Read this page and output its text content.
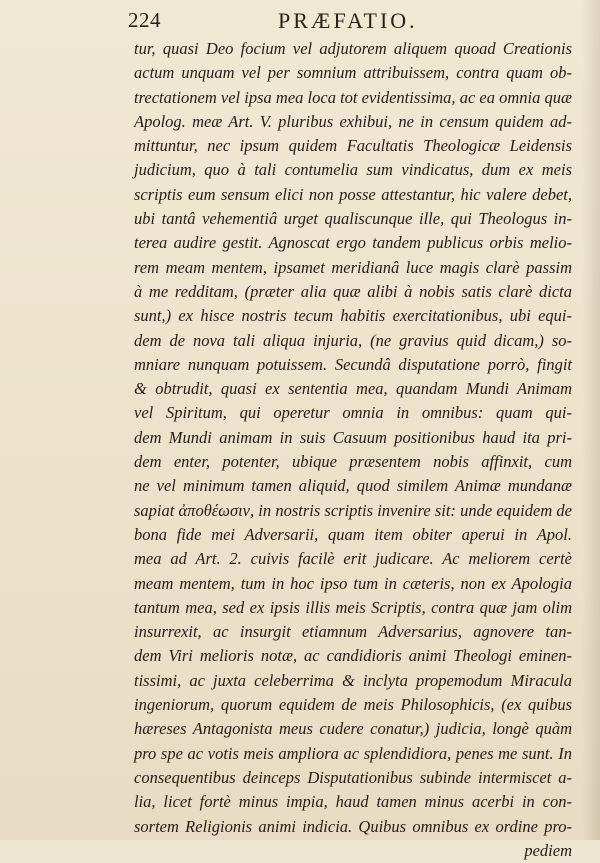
224	PRÆFATIO.
tur, quasi Deo focium vel adjutorem aliquem quoad Creationis
actum unquam vel per somnium attribuissem, contra quam ob-
trectationem vel ipsa mea loca tot evidentissima, ac ea omnia quæ
Apolog. meæ Art. V. pluribus exhibui, ne in censum quidem ad-
mittuntur, nec ipsum quidem Facultatis Theologicæ Leidensis
judicium, quo à tali contumelia sum vindicatus, dum ex meis
scriptis eum sensum elici non posse attestantur, hic valere debet,
ubi tantâ vehementiâ urget qualiscunque ille, qui Theologus in-
terea audire gestit. Agnoscat ergo tandem publicus orbis melio-
rem meam mentem, ipsamet meridianâ luce magis clarè passim
à me redditam, (præter alia quæ alibi à nobis satis clarè dicta
sunt,) ex hisce nostris tecum habitis exercitationibus, ubi equi-
dem de nova tali aliqua injuria, (ne gravius quid dicam,) so-
mniare nunquam potuissem. Secundâ disputatione porrò, fingit
& obtrudit, quasi ex sententia mea, quandam Mundi Animam
vel Spiritum, qui operetur omnia in omnibus: quam qui-
dem Mundi animam in suis Casuum positionibus haud ita pri-
dem enter, potenter, ubique præsentem nobis affinxit, cum
ne vel minimum tamen aliquid, quod similem Animæ mundanæ
sapiat ἀποθέωσιν, in nostris scriptis invenire sit: unde equidem de
bona fide mei Adversarii, quam item obiter aperui in Apol.
mea ad Art. 2. cuivis facilè erit judicare. Ac meliorem certè
meam mentem, tum in hoc ipso tum in cæteris, non ex Apologia
tantum mea, sed ex ipsis illis meis Scriptis, contra quæ jam olim
insurrexit, ac insurgit etiamnum Adversarius, agnovere tan-
dem Viri melioris notæ, ac candidioris animi Theologi eminen-
tissimi, ac juxta celeberrima & inclyta propemodum Miracula
ingeniorum, quorum equidem de meis Philosophicis, (ex quibus
hæreses Antagonista meus cudere conatur,) judicia, longè quàm
pro spe ac votis meis ampliora ac splendidiora, penes me sunt. In
consequentibus deinceps Disputationibus subinde intermiscet a-
lia, licet fortè minus impia, haud tamen minus acerbi in con-
sortem Religionis animi indicia. Quibus omnibus ex ordine pro-
pediem
